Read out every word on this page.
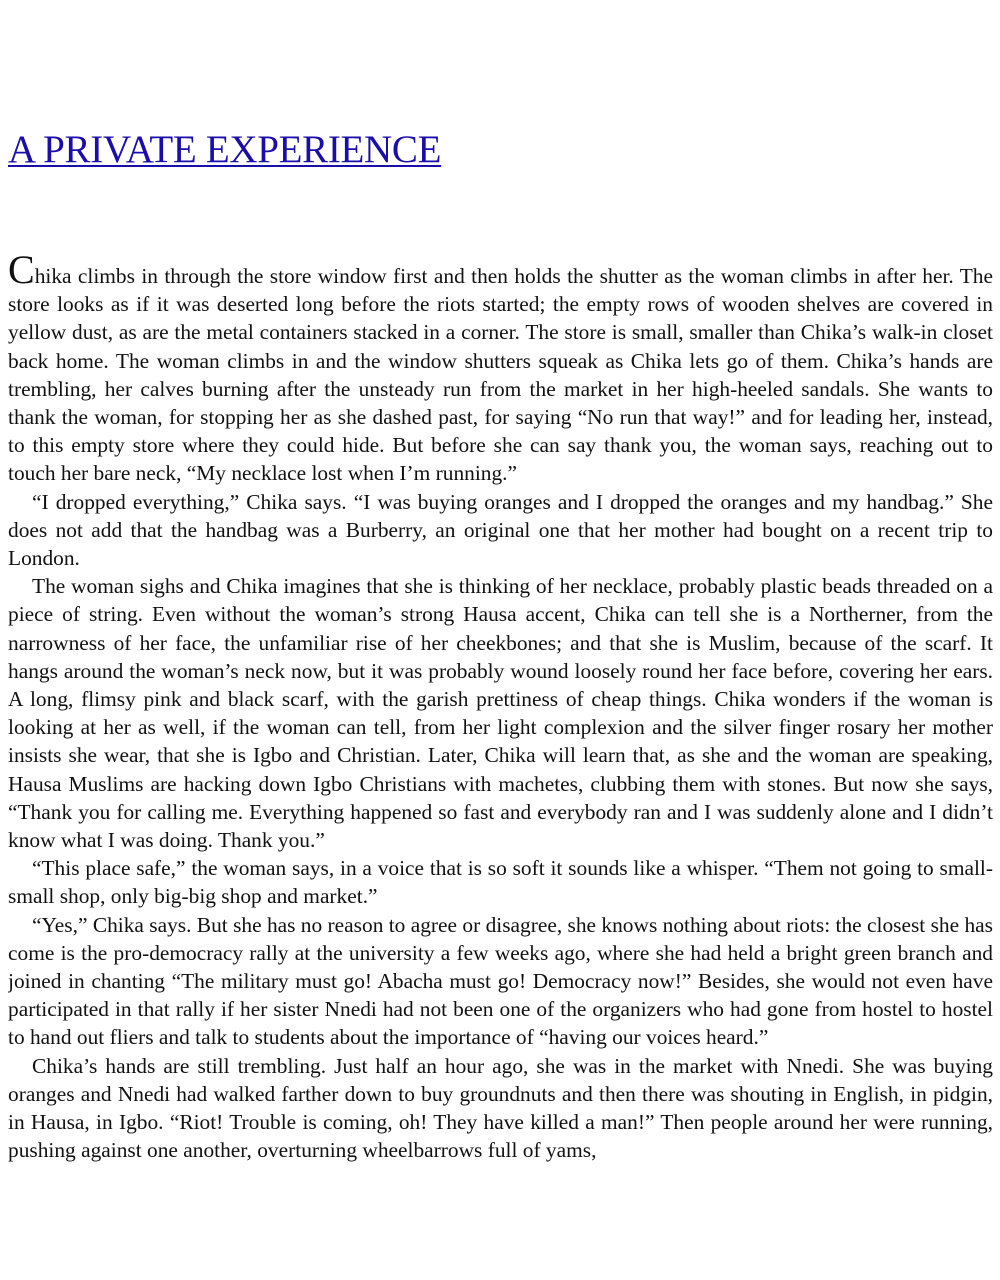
A PRIVATE EXPERIENCE

Chika climbs in through the store window first and then holds the shutter as the woman climbs in after her. The store looks as if it was deserted long before the riots started; the empty rows of wooden shelves are covered in yellow dust, as are the metal containers stacked in a corner. The store is small, smaller than Chika’s walk-in closet back home. The woman climbs in and the window shutters squeak as Chika lets go of them. Chika’s hands are trembling, her calves burning after the unsteady run from the market in her high-heeled sandals. She wants to thank the woman, for stopping her as she dashed past, for saying “No run that way!” and for leading her, instead, to this empty store where they could hide. But before she can say thank you, the woman says, reaching out to touch her bare neck, “My necklace lost when I’m running.”

“I dropped everything,” Chika says. “I was buying oranges and I dropped the oranges and my handbag.” She does not add that the handbag was a Burberry, an original one that her mother had bought on a recent trip to London.

The woman sighs and Chika imagines that she is thinking of her necklace, probably plastic beads threaded on a piece of string. Even without the woman’s strong Hausa accent, Chika can tell she is a Northerner, from the narrowness of her face, the unfamiliar rise of her cheekbones; and that she is Muslim, because of the scarf. It hangs around the woman’s neck now, but it was probably wound loosely round her face before, covering her ears. A long, flimsy pink and black scarf, with the garish prettiness of cheap things. Chika wonders if the woman is looking at her as well, if the woman can tell, from her light complexion and the silver finger rosary her mother insists she wear, that she is Igbo and Christian. Later, Chika will learn that, as she and the woman are speaking, Hausa Muslims are hacking down Igbo Christians with machetes, clubbing them with stones. But now she says, “Thank you for calling me. Everything happened so fast and everybody ran and I was suddenly alone and I didn’t know what I was doing. Thank you.”

“This place safe,” the woman says, in a voice that is so soft it sounds like a whisper. “Them not going to small-small shop, only big-big shop and market.”

“Yes,” Chika says. But she has no reason to agree or disagree, she knows nothing about riots: the closest she has come is the pro-democracy rally at the university a few weeks ago, where she had held a bright green branch and joined in chanting “The military must go! Abacha must go! Democracy now!” Besides, she would not even have participated in that rally if her sister Nnedi had not been one of the organizers who had gone from hostel to hostel to hand out fliers and talk to students about the importance of “having our voices heard.”

Chika’s hands are still trembling. Just half an hour ago, she was in the market with Nnedi. She was buying oranges and Nnedi had walked farther down to buy groundnuts and then there was shouting in English, in pidgin, in Hausa, in Igbo. “Riot! Trouble is coming, oh! They have killed a man!” Then people around her were running, pushing against one another, overturning wheelbarrows full of yams,
